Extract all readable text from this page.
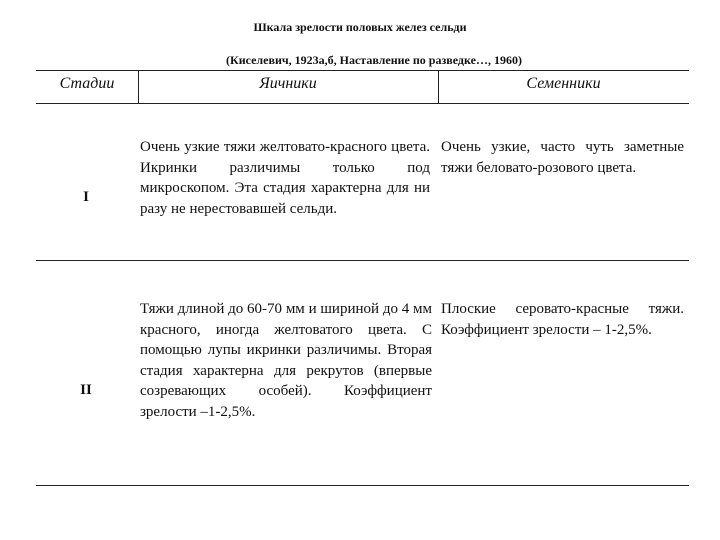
Шкала зрелости половых желез сельди
(Киселевич, 1923а,б, Наставление по разведке…, 1960)
Стадии	Яичники	Семенники
I
Очень узкие тяжи желтовато-красного цвета. Икринки различимы только под микроскопом. Эта стадия характерна для ни разу не нерестовавшей сельди.
Очень узкие, часто чуть заметные тяжи беловато-розового цвета.
II
Тяжи длиной до 60-70 мм и шириной до 4 мм красного, иногда желтоватого цвета. С помощью лупы икринки различимы. Вторая стадия характерна для рекрутов (впервые созревающих особей). Коэффициент зрелости –1-2,5%.
Плоские серовато-красные тяжи. Коэффициент зрелости – 1-2,5%.
